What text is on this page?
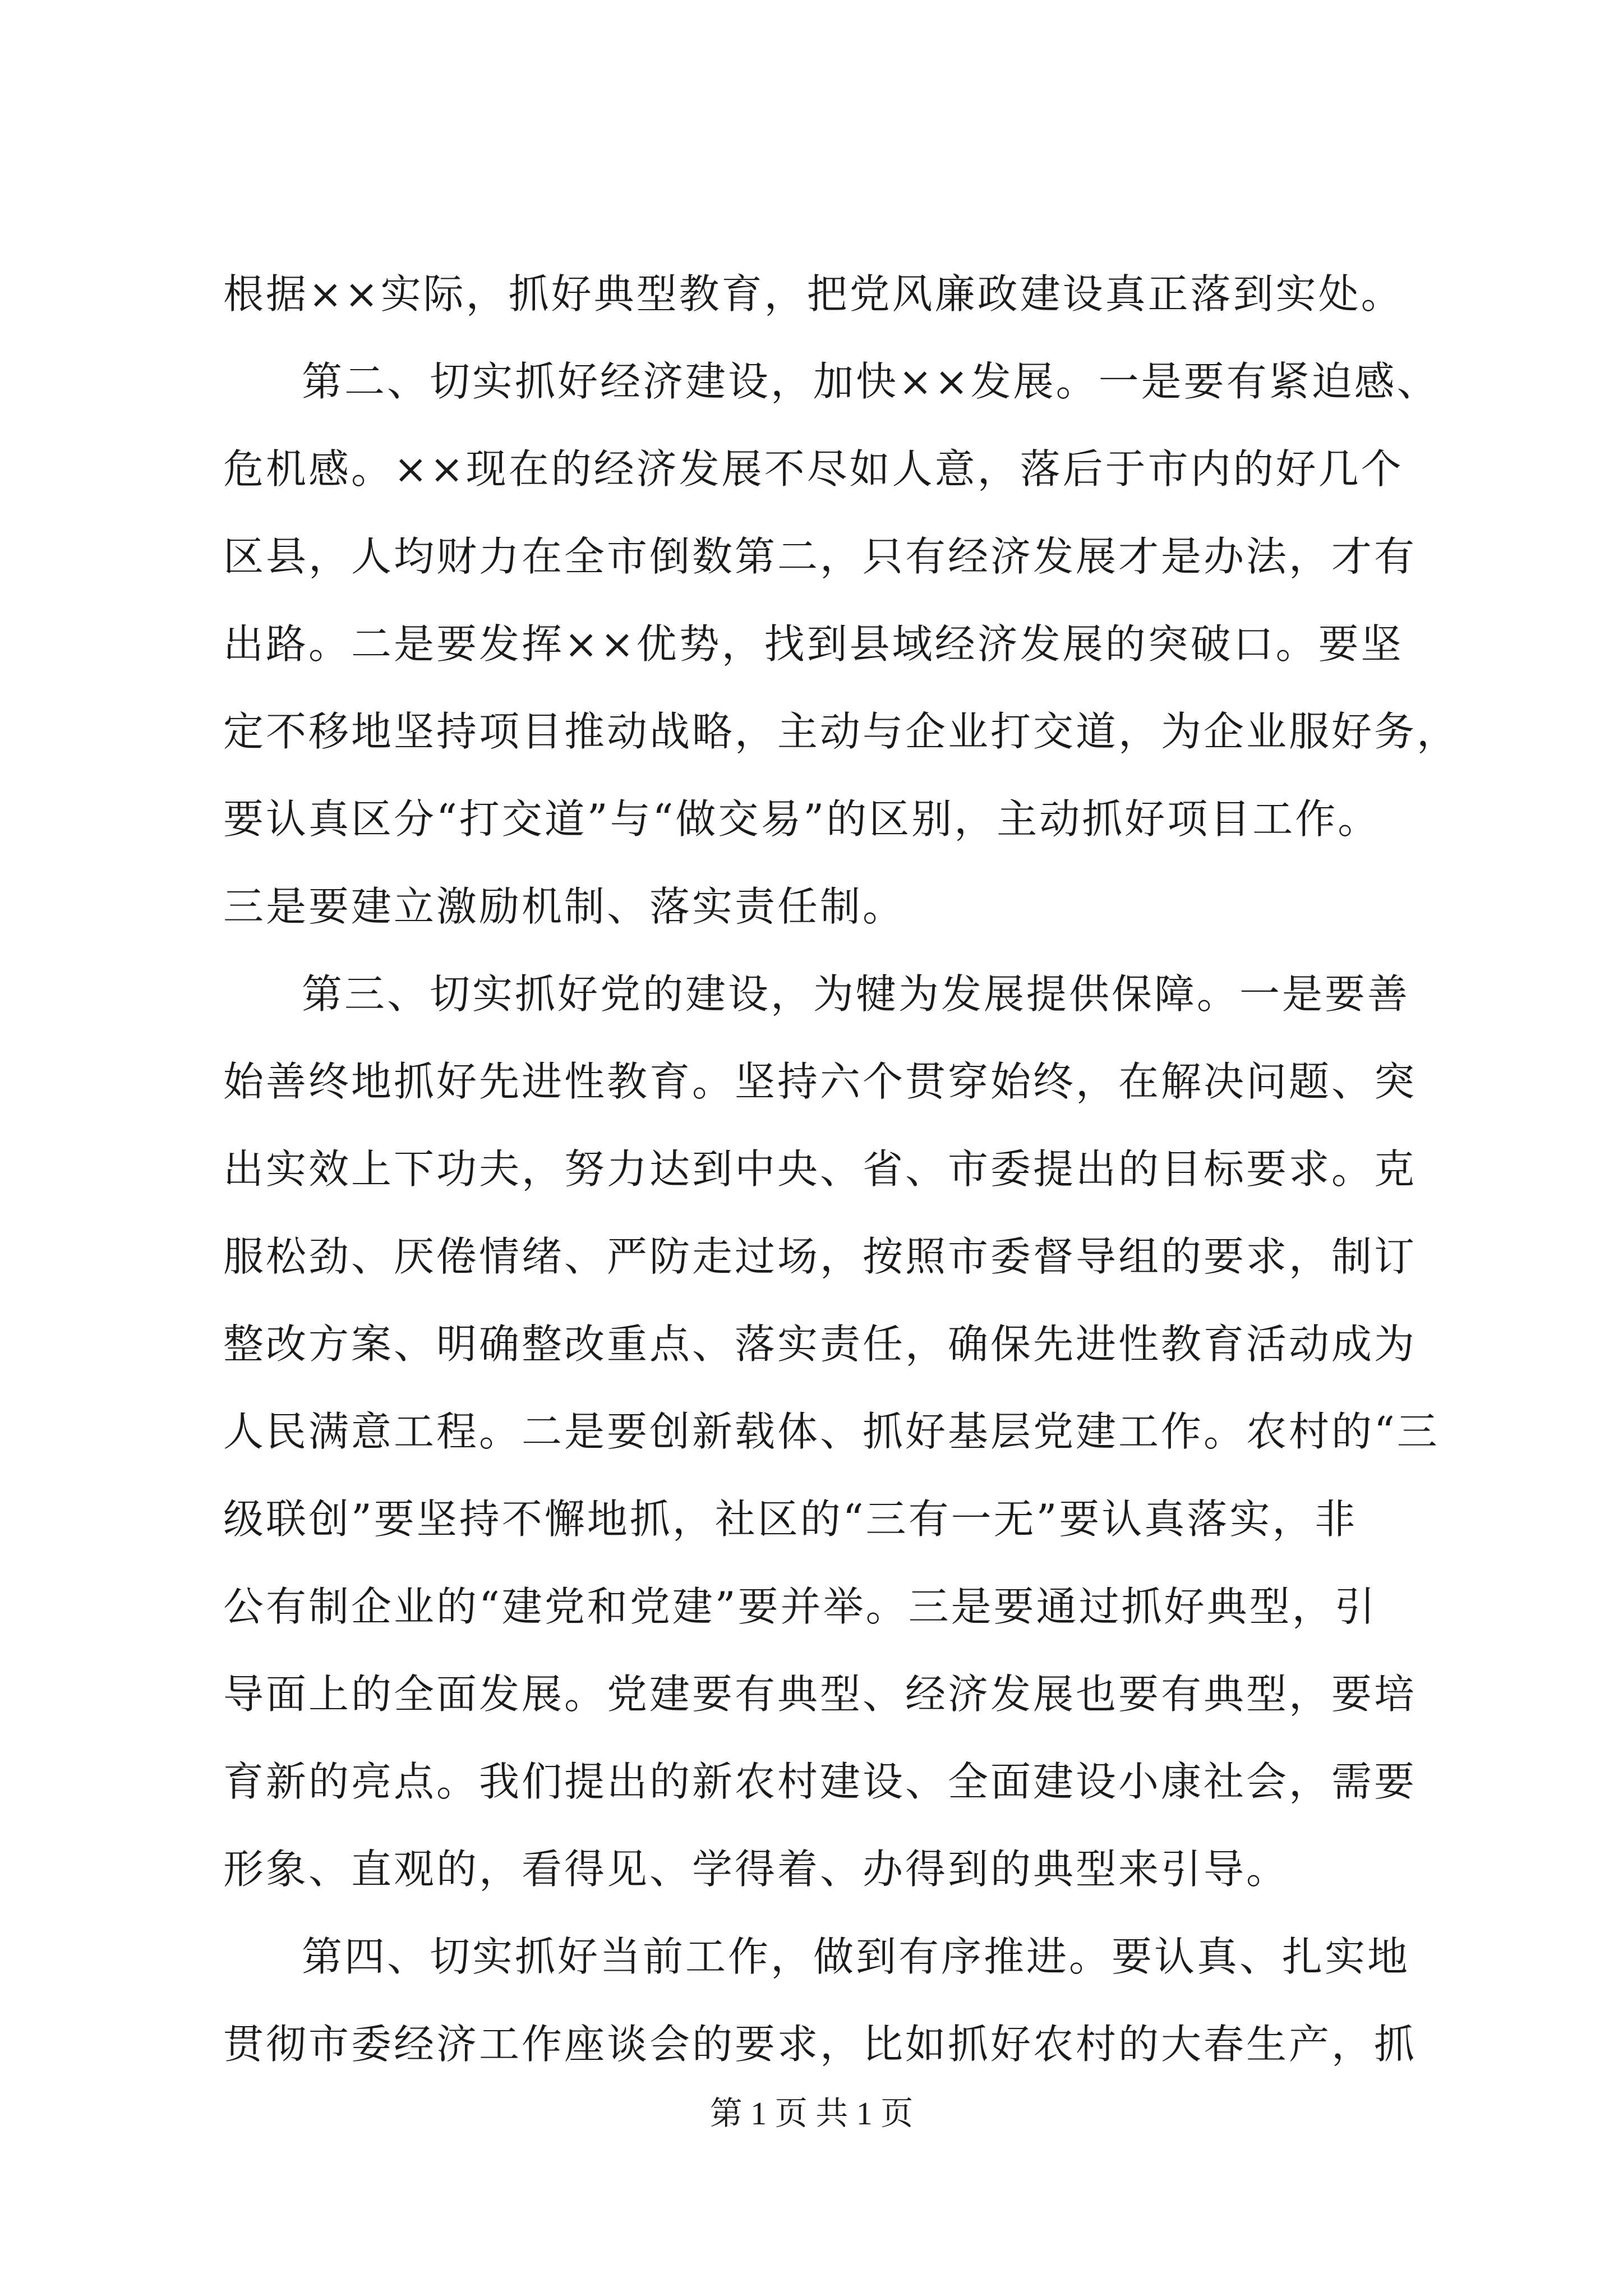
根据××实际，抓好典型教育，把党风廉政建设真正落到实处。
第二、切实抓好经济建设，加快××发展。一是要有紧迫感、
危机感。××现在的经济发展不尽如人意，落后于市内的好几个
区县，人均财力在全市倒数第二，只有经济发展才是办法，才有
出路。二是要发挥××优势，找到县域经济发展的突破口。要坚
定不移地坚持项目推动战略，主动与企业打交道，为企业服好务，
要认真区分“打交道”与“做交易”的区别，主动抓好项目工作。
三是要建立激励机制、落实责任制。
第三、切实抓好党的建设，为犍为发展提供保障。一是要善
始善终地抓好先进性教育。坚持六个贯穿始终，在解决问题、突
出实效上下功夫，努力达到中央、省、市委提出的目标要求。克
服松劲、厌倦情绪、严防走过场，按照市委督导组的要求，制订
整改方案、明确整改重点、落实责任，确保先进性教育活动成为
人民满意工程。二是要创新载体、抓好基层党建工作。农村的“三
级联创”要坚持不懈地抓，社区的“三有一无”要认真落实，非
公有制企业的“建党和党建”要并举。三是要通过抓好典型，引
导面上的全面发展。党建要有典型、经济发展也要有典型，要培
育新的亮点。我们提出的新农村建设、全面建设小康社会，需要
形象、直观的，看得见、学得着、办得到的典型来引导。
第四、切实抓好当前工作，做到有序推进。要认真、扎实地
贯彻市委经济工作座谈会的要求，比如抓好农村的大春生产，抓
第 1 页 共 1 页
